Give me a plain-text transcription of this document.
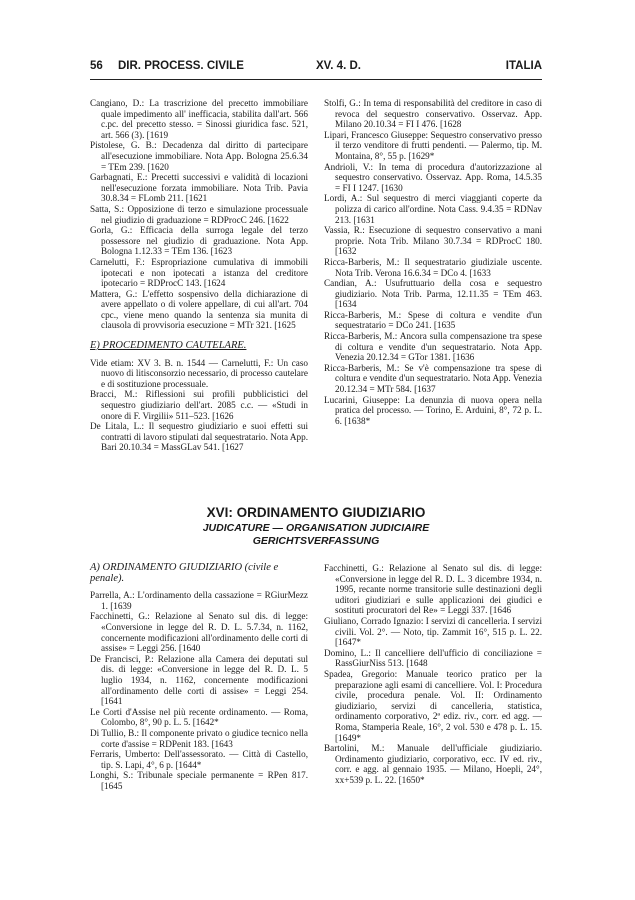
56 DIR. PROCESS. CIVILE	XV. 4. D.	ITALIA

Cangiano, D.: La trascrizione del precetto immobiliare quale impedimento all' inefficacia, stabilita dall'art. 566 c.pc. del precetto stesso. = Sinossi giuridica fasc. 521, art. 566 (3). [1619

Pistolese, G. B.: Decadenza dal diritto di partecipare all'esecuzione immobiliare. Nota App. Bologna 25.6.34 = TEm 239. [1620

Garbagnati, E.: Precetti successivi e validità di locazioni nell'esecuzione forzata immobiliare. Nota Trib. Pavia 30.8.34 = FLomb 211. [1621

Satta, S.: Opposizione di terzo e simulazione processuale nel giudizio di graduazione = RDProcC 246. [1622

Gorla, G.: Efficacia della surroga legale del terzo possessore nel giudizio di graduazione. Nota App. Bologna 1.12.33 = TEm 136. [1623

Carnelutti, F.: Espropriazione cumulativa di immobili ipotecati e non ipotecati a istanza del creditore ipotecario = RDProcC 143. [1624

Mattera, G.: L'effetto sospensivo della dichiarazione di avere appellato o di volere appellare, di cui all'art. 704 cpc., viene meno quando la sentenza sia munita di clausola di provvisoria esecuzione = MTr 321. [1625

E) PROCEDIMENTO CAUTELARE.

Vide etiam: XV 3. B. n. 1544 — Carnelutti, F.: Un caso nuovo di litisconsorzio necessario, di processo cautelare e di sostituzione processuale.

Bracci, M.: Riflessioni sui profili pubblicistici del sequestro giudiziario dell'art. 2085 c.c. — «Studi in onore di F. Virgilii» 511–523. [1626

De Litala, L.: Il sequestro giudiziario e suoi effetti sui contratti di lavoro stipulati dal sequestratario. Nota App. Bari 20.10.34 = MassGLav 541. [1627

Stolfi, G.: In tema di responsabilità del creditore in caso di revoca del sequestro conservativo. Osservaz. App. Milano 20.10.34 = FI I 476. [1628

Lipari, Francesco Giuseppe: Sequestro conservativo presso il terzo venditore di frutti pendenti. — Palermo, tip. M. Montaina, 8°, 55 p. [1629*

Andrioli, V.: In tema di procedura d'autorizzazione al sequestro conservativo. Osservaz. App. Roma, 14.5.35 = FI I 1247. [1630

Lordi, A.: Sul sequestro di merci viaggianti coperte da polizza di carico all'ordine. Nota Cass. 9.4.35 = RDNav 213. [1631

Vassia, R.: Esecuzione di sequestro conservativo a mani proprie. Nota Trib. Milano 30.7.34 = RDProcC 180. [1632

Ricca-Barberis, M.: Il sequestratario giudiziale uscente. Nota Trib. Verona 16.6.34 = DCo 4. [1633

Candian, A.: Usufruttuario della cosa e sequestro giudiziario. Nota Trib. Parma, 12.11.35 = TEm 463. [1634

Ricca-Barberis, M.: Spese di coltura e vendite d'un sequestratario = DCo 241. [1635

Ricca-Barberis, M.: Ancora sulla compensazione tra spese di coltura e vendite d'un sequestratario. Nota App. Venezia 20.12.34 = GTor 1381. [1636

Ricca-Barberis, M.: Se v'è compensazione tra spese di coltura e vendite d'un sequestratario. Nota App. Venezia 20.12.34 = MTr 584. [1637

Lucarini, Giuseppe: La denunzia di nuova opera nella pratica del processo. — Torino, E. Arduini, 8°, 72 p. L. 6. [1638*

XVI: ORDINAMENTO GIUDIZIARIO
JUDICATURE — ORGANISATION JUDICIAIRE
GERICHTSVERFASSUNG
A) ORDINAMENTO GIUDIZIARIO (civile e penale).

Parrella, A.: L'ordinamento della cassazione = RGiurMezz 1. [1639

Facchinetti, G.: Relazione al Senato sul dis. di legge: «Conversione in legge del R. D. L. 5.7.34, n. 1162, concernente modificazioni all'ordinamento delle corti di assise» = Leggi 256. [1640

De Francisci, P.: Relazione alla Camera dei deputati sul dis. di legge: «Conversione in legge del R. D. L. 5 luglio 1934, n. 1162, concernente modificazioni all'ordinamento delle corti di assise» = Leggi 254. [1641

Le Corti d'Assise nel più recente ordinamento. — Roma, Colombo, 8°, 90 p. L. 5. [1642*

Di Tullio, B.: Il componente privato o giudice tecnico nella corte d'assise = RDPenit 183. [1643

Ferraris, Umberto: Dell'assessorato. — Città di Castello, tip. S. Lapi, 4°, 6 p. [1644*

Longhi, S.: Tribunale speciale permanente = RPen 817. [1645

Facchinetti, G.: Relazione al Senato sul dis. di legge: «Conversione in legge del R. D. L. 3 dicembre 1934, n. 1995, recante norme transitorie sulle destinazioni degli uditori giudiziari e sulle applicazioni dei giudici e sostituti procuratori del Re» = Leggi 337. [1646

Giuliano, Corrado Ignazio: I servizi di cancelleria. I servizi civili. Vol. 2°. — Noto, tip. Zammit 16°, 515 p. L. 22. [1647*

Domino, L.: Il cancelliere dell'ufficio di conciliazione = RassGiurNiss 513. [1648

Spadea, Gregorio: Manuale teorico pratico per la preparazione agli esami di cancelliere. Vol. I: Procedura civile, procedura penale. Vol. II: Ordinamento giudiziario, servizi di cancelleria, statistica, ordinamento corporativo, 2ª ediz. riv., corr. ed agg. — Roma, Stamperia Reale, 16°, 2 vol. 530 e 478 p. L. 15. [1649*

Bartolini, M.: Manuale dell'ufficiale giudiziario. Ordinamento giudiziario, corporativo, ecc. IV ed. riv., corr. e agg. al gennaio 1935. — Milano, Hoepli, 24°, xx+539 p. L. 22. [1650*
